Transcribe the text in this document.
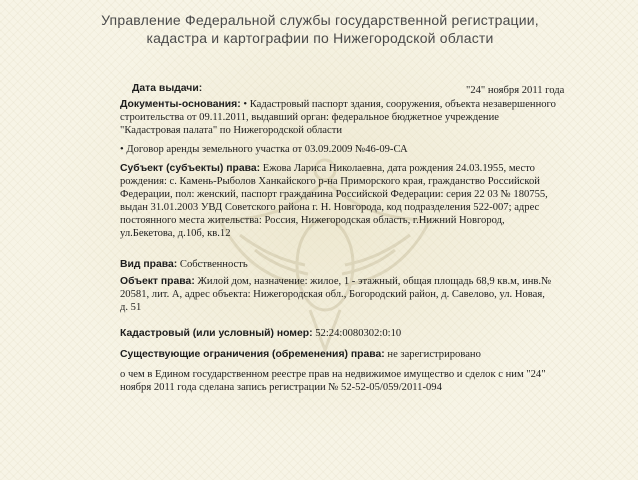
Управление Федеральной службы государственной регистрации,
кадастра и картографии по Нижегородской области
Дата выдачи:	"24" ноября 2011 года
Документы-основания: • Кадастровый паспорт здания, сооружения, объекта незавершенного
строительства от 09.11.2011, выдавший орган: федеральное бюджетное учреждение
"Кадастровая палата" по Нижегородской области
• Договор аренды земельного участка от 03.09.2009 №46-09-СА
Субъект (субъекты) права: Ежова Лариса Николаевна, дата рождения 24.03.1955, место
рождения: с. Камень-Рыболов Ханкайского р-на Приморского края, гражданство Российской
Федерации, пол: женский, паспорт гражданина Российской Федерации: серия 22 03 № 180755,
выдан 31.01.2003 УВД Советского района г. Н. Новгорода, код подразделения 522-007; адрес
постоянного места жительства: Россия, Нижегородская область, г.Нижний Новгород,
ул.Бекетова, д.10б, кв.12
Вид права: Собственность
Объект права: Жилой дом, назначение: жилое, 1 - этажный, общая площадь 68,9 кв.м, инв.№
20581, лит. А, адрес объекта: Нижегородская обл., Богородский район, д. Савелово, ул. Новая,
д. 51
Кадастровый (или условный) номер: 52:24:0080302:0:10
Существующие ограничения (обременения) права: не зарегистрировано
о чем в Едином государственном реестре прав на недвижимое имущество и сделок с ним "24"
ноября 2011 года сделана запись регистрации № 52-52-05/059/2011-094
